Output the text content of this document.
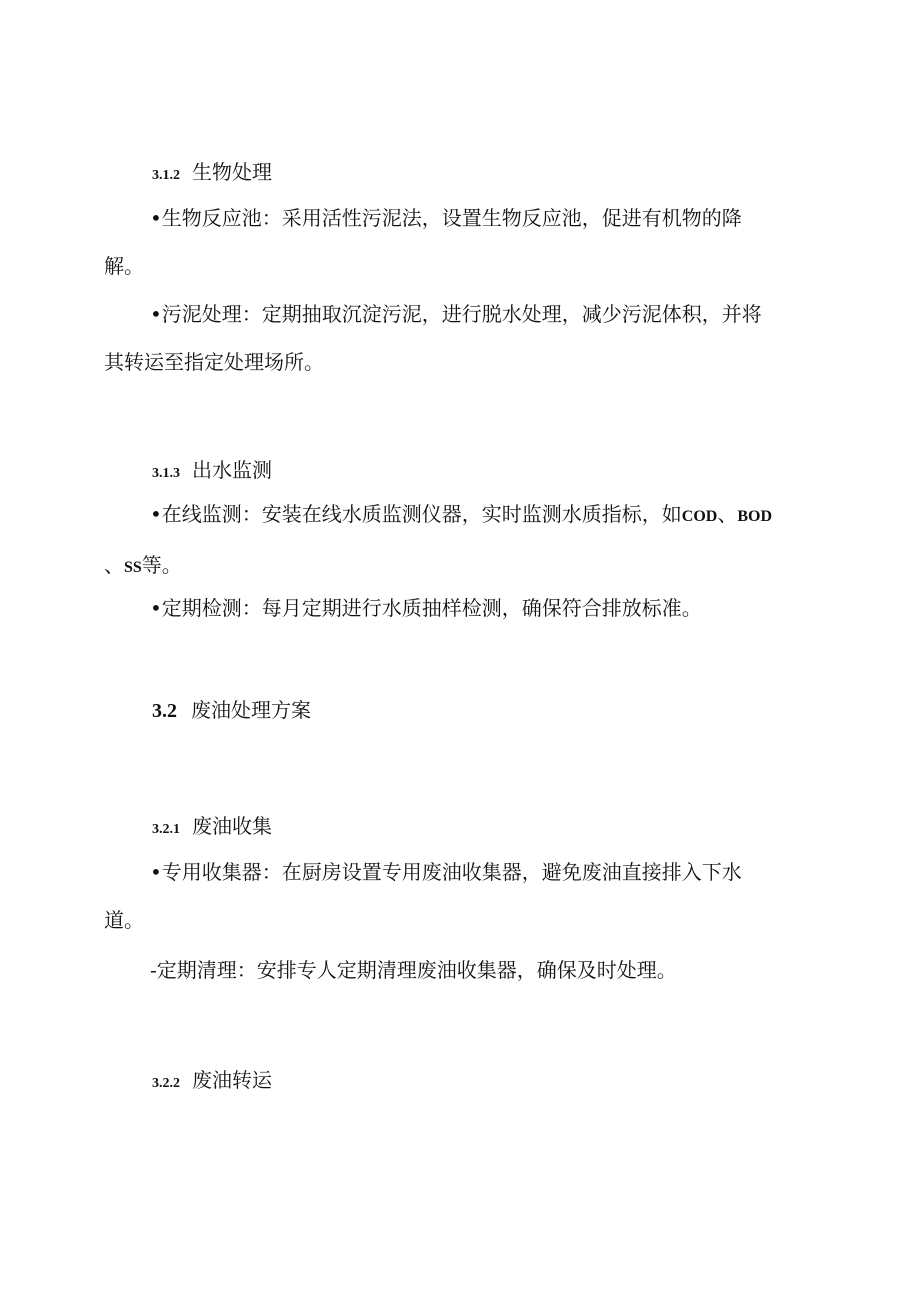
3.1.2 生物处理
•生物反应池：采用活性污泥法，设置生物反应池，促进有机物的降
解。
•污泥处理：定期抽取沉淀污泥，进行脱水处理，减少污泥体积，并将
其转运至指定处理场所。
3.1.3 出水监测
•在线监测：安装在线水质监测仪器，实时监测水质指标，如COD、BOD
、SS等。
•定期检测：每月定期进行水质抽样检测，确保符合排放标准。
3.2 废油处理方案
3.2.1 废油收集
•专用收集器：在厨房设置专用废油收集器，避免废油直接排入下水
道。
-定期清理：安排专人定期清理废油收集器，确保及时处理。
3.2.2 废油转运
